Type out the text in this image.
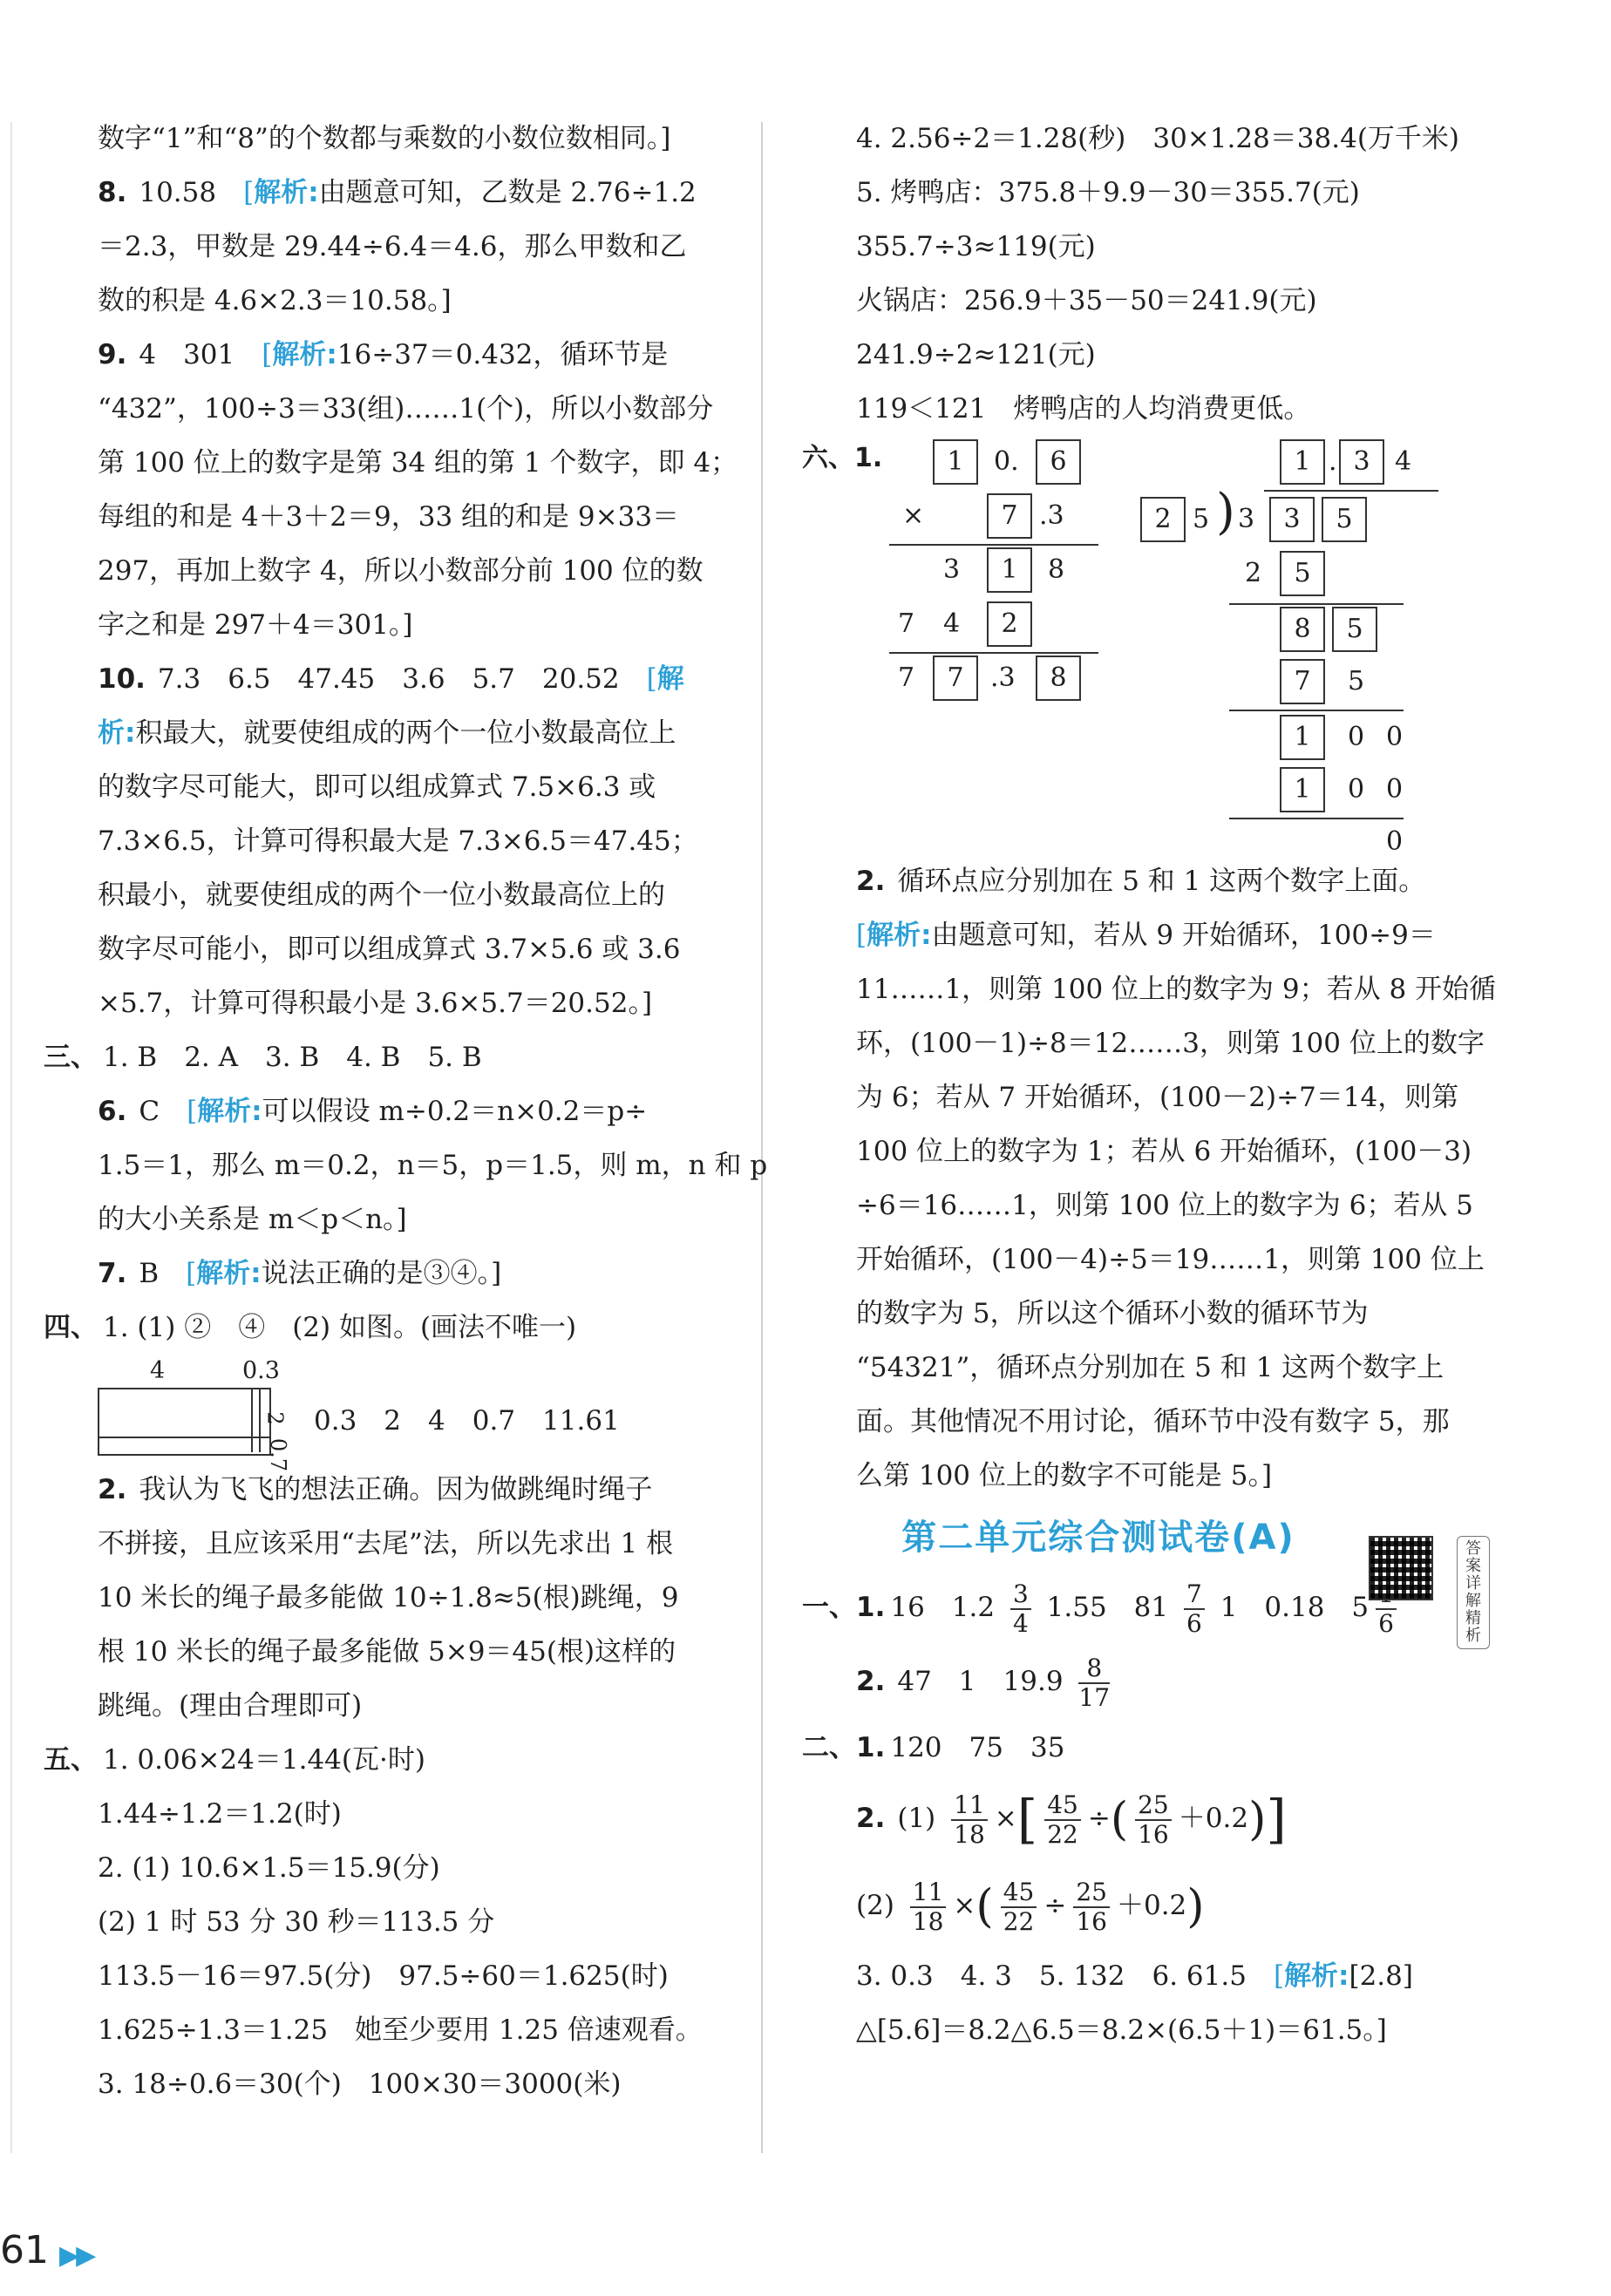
数字“1”和“8”的个数都与乘数的小数位数相同。]
8. 10.58　 [解析:由题意可知，乙数是 2.76÷1.2
＝2.3，甲数是 29.44÷6.4＝4.6，那么甲数和乙
数的积是 4.6×2.3＝10.58。]
9. 4　301　 [解析:16÷37＝0.432，循环节是
“432”，100÷3＝33(组)……1(个)，所以小数部分
第 100 位上的数字是第 34 组的第 1 个数字，即 4；
每组的和是 4＋3＋2＝9，33 组的和是 9×33＝
297，再加上数字 4，所以小数部分前 100 位的数
字之和是 297＋4＝301。]
10. 7.3　6.5　47.45　3.6　5.7　20.52　 [解
析:积最大，就要使组成的两个一位小数最高位上
的数字尽可能大，即可以组成算式 7.5×6.3 或
7.3×6.5，计算可得积最大是 7.3×6.5＝47.45；
积最小，就要使组成的两个一位小数最高位上的
数字尽可能小，即可以组成算式 3.7×5.6 或 3.6
×5.7，计算可得积最小是 3.6×5.7＝20.52。]
三、 1. B　2. A　3. B　4. B　5. B
6. C　 [解析:可以假设 m÷0.2＝n×0.2＝p÷
1.5＝1，那么 m＝0.2，n＝5，p＝1.5，则 m，n 和 p
的大小关系是 m＜p＜n。]
7. B　 [解析:说法正确的是③④。]
四、 1. (1) ②　④　(2) 如图。(画法不唯一)
4	0.3
2
0.7
0.3　2　4　0.7　11.61
2. 我认为飞飞的想法正确。因为做跳绳时绳子
不拼接，且应该采用“去尾”法，所以先求出 1 根
10 米长的绳子最多能做 10÷1.8≈5(根)跳绳，9
根 10 米长的绳子最多能做 5×9＝45(根)这样的
跳绳。(理由合理即可)
五、 1. 0.06×24＝1.44(瓦·时)
1.44÷1.2＝1.2(时)
2. (1) 10.6×1.5＝15.9(分)
(2) 1 时 53 分 30 秒＝113.5 分
113.5－16＝97.5(分)　97.5÷60＝1.625(时)
1.625÷1.3＝1.25　她至少要用 1.25 倍速观看。
3. 18÷0.6＝30(个)　100×30＝3000(米)
4. 2.56÷2＝1.28(秒)　30×1.28＝38.4(万千米)
5. 烤鸭店：375.8＋9.9－30＝355.7(元)
355.7÷3≈119(元)
火锅店：256.9＋35－50＝241.9(元)
241.9÷2≈121(元)
119＜121　烤鸭店的人均消费更低。
六、1.	1	0.	6
×	7 .3
3	1	8
7 4	2
7	7	.3	8
1 . 3 4
2 5 ) 3	3	5
2	5
8	5
7	5
1	0 0
1	0 0
0
2. 循环点应分别加在 5 和 1 这两个数字上面。
[解析:由题意可知，若从 9 开始循环，100÷9＝
11……1，则第 100 位上的数字为 9；若从 8 开始循
环，(100－1)÷8＝12……3，则第 100 位上的数字
为 6；若从 7 开始循环，(100－2)÷7＝14，则第
100 位上的数字为 1；若从 6 开始循环，(100－3)
÷6＝16……1，则第 100 位上的数字为 6；若从 5
开始循环，(100－4)÷5＝19……1，则第 100 位上
的数字为 5，所以这个循环小数的循环节为
“54321”，循环点分别加在 5 和 1 这两个数字上
面。其他情况不用讨论，循环节中没有数字 5，那
么第 100 位上的数字不可能是 5。]
第二单元综合测试卷(A)
一、1. 16　$1.2 \frac{3}{4} 1.55$　$81 \frac{7}{6} 1$　0.18　5 6
2. 47　1　$19.9 \frac{8}{17}$
二、1. 120　75　35
2. $(1) \frac{11}{18}$ ×[ $\frac{45}{22}$ ÷( $\frac{25}{16} +0.2$)]
$(2) \frac{11}{18}$ ×( $\frac{45}{22} \div \frac{25}{16} +0.2$)
3. 0.3　4. 3　5. 132　6. 61.5　 [解析:[2.8]
△[5.6]＝8.2△6.5＝8.2×(6.5＋1)＝61.5。]
答案详解精析
61 ▶▶
